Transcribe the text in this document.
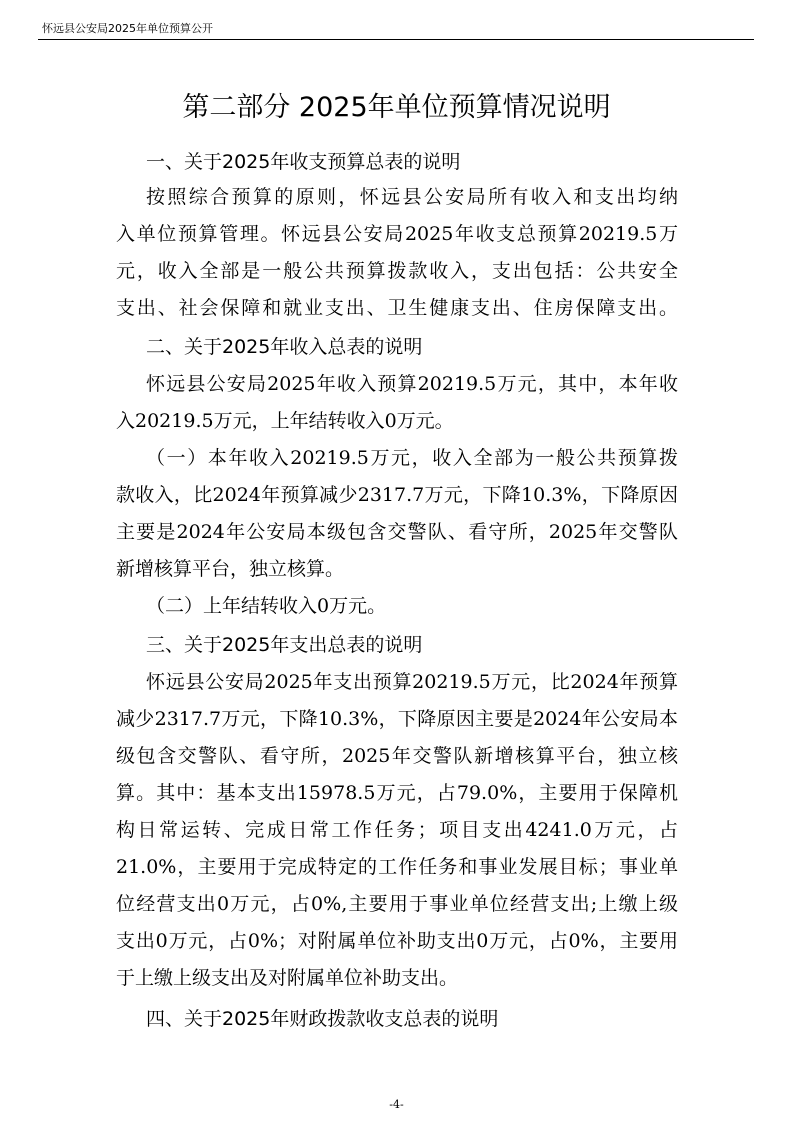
怀远县公安局2025年单位预算公开
第二部分 2025年单位预算情况说明
一、关于2025年收支预算总表的说明
按照综合预算的原则，怀远县公安局所有收入和支出均纳
入单位预算管理。怀远县公安局2025年收支总预算20219.5万
元，收入全部是一般公共预算拨款收入，支出包括：公共安全
支出、社会保障和就业支出、卫生健康支出、住房保障支出。
二、关于2025年收入总表的说明
怀远县公安局2025年收入预算20219.5万元，其中，本年收
入20219.5万元，上年结转收入0万元。
（一）本年收入20219.5万元，收入全部为一般公共预算拨
款收入，比2024年预算减少2317.7万元，下降10.3%，下降原因
主要是2024年公安局本级包含交警队、看守所，2025年交警队
新增核算平台，独立核算。
（二）上年结转收入0万元。
三、关于2025年支出总表的说明
怀远县公安局2025年支出预算20219.5万元，比2024年预算
减少2317.7万元，下降10.3%，下降原因主要是2024年公安局本
级包含交警队、看守所，2025年交警队新增核算平台，独立核
算。其中：基本支出15978.5万元，占79.0%，主要用于保障机
构日常运转、完成日常工作任务；项目支出4241.0万元，占
21.0%，主要用于完成特定的工作任务和事业发展目标；事业单
位经营支出0万元，占0%,主要用于事业单位经营支出;上缴上级
支出0万元，占0%；对附属单位补助支出0万元，占0%，主要用
于上缴上级支出及对附属单位补助支出。
四、关于2025年财政拨款收支总表的说明
-4-
